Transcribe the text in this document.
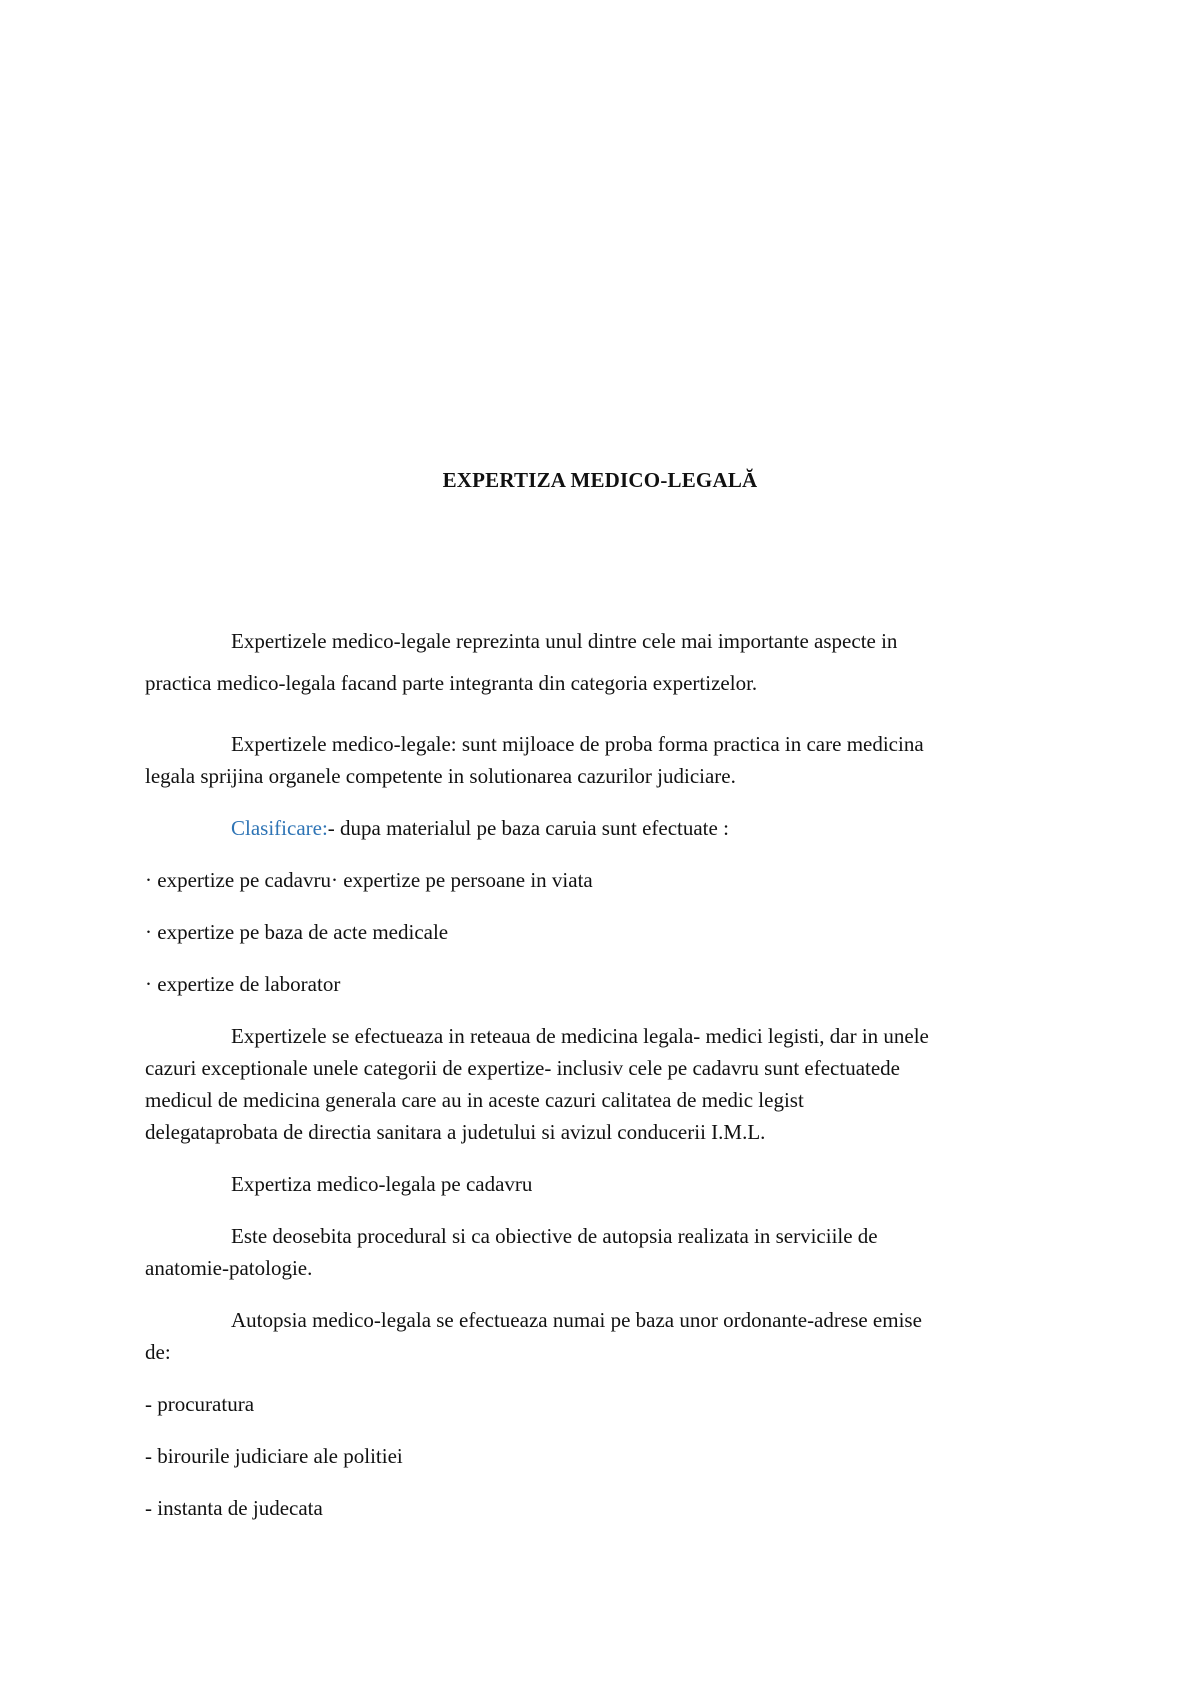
EXPERTIZA MEDICO-LEGALĂ

Expertizele medico-legale reprezinta unul dintre cele mai importante aspecte in

practica medico-legala facand parte integranta din categoria expertizelor.

Expertizele medico-legale: sunt mijloace de proba forma practica in care medicina

legala sprijina organele competente in solutionarea cazurilor judiciare.

Clasificare:- dupa materialul pe baza caruia sunt efectuate :

· expertize pe cadavru· expertize pe persoane in viata

· expertize pe baza de acte medicale

· expertize de laborator

Expertizele se efectueaza in reteaua de medicina legala- medici legisti, dar in unele

cazuri exceptionale unele categorii de expertize- inclusiv cele pe cadavru sunt efectuatede

medicul de medicina generala care au in aceste cazuri calitatea de medic legist

delegataprobata de directia sanitara a judetului si avizul conducerii I.M.L.

Expertiza medico-legala pe cadavru

Este deosebita procedural si ca obiective de autopsia realizata in serviciile de

anatomie-patologie.

Autopsia medico-legala se efectueaza numai pe baza unor ordonante-adrese emise

de:

- procuratura

- birourile judiciare ale politiei

- instanta de judecata
